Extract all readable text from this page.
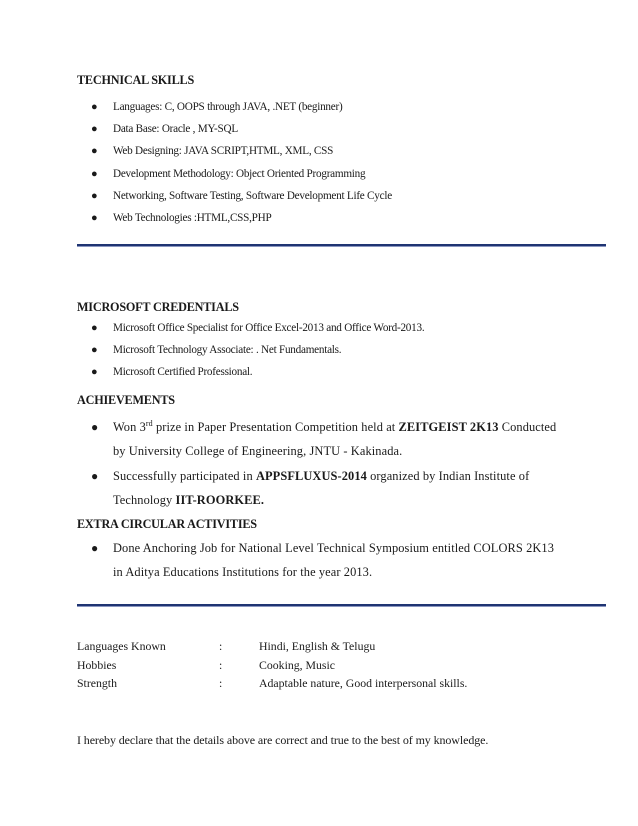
TECHNICAL SKILLS
● Languages: C, OOPS through JAVA, .NET (beginner)
● Data Base: Oracle , MY-SQL
● Web Designing: JAVA SCRIPT,HTML, XML, CSS
● Development Methodology: Object Oriented Programming
● Networking, Software Testing, Software Development Life Cycle
● Web Technologies :HTML,CSS,PHP
MICROSOFT CREDENTIALS
● Microsoft Office Specialist for Office Excel-2013 and Office Word-2013.
● Microsoft Technology Associate: . Net Fundamentals.
● Microsoft Certified Professional.
ACHIEVEMENTS
● Won 3rd prize in Paper Presentation Competition held at ZEITGEIST 2K13 Conducted
by University College of Engineering, JNTU - Kakinada.
● Successfully participated in APPSFLUXUS-2014 organized by Indian Institute of
Technology IIT-ROORKEE.
EXTRA CIRCULAR ACTIVITIES
● Done Anchoring Job for National Level Technical Symposium entitled COLORS 2K13
in Aditya Educations Institutions for the year 2013.
Languages Known	:	Hindi, English & Telugu
Hobbies	:	Cooking, Music
Strength	:	Adaptable nature, Good interpersonal skills.
I hereby declare that the details above are correct and true to the best of my knowledge.
